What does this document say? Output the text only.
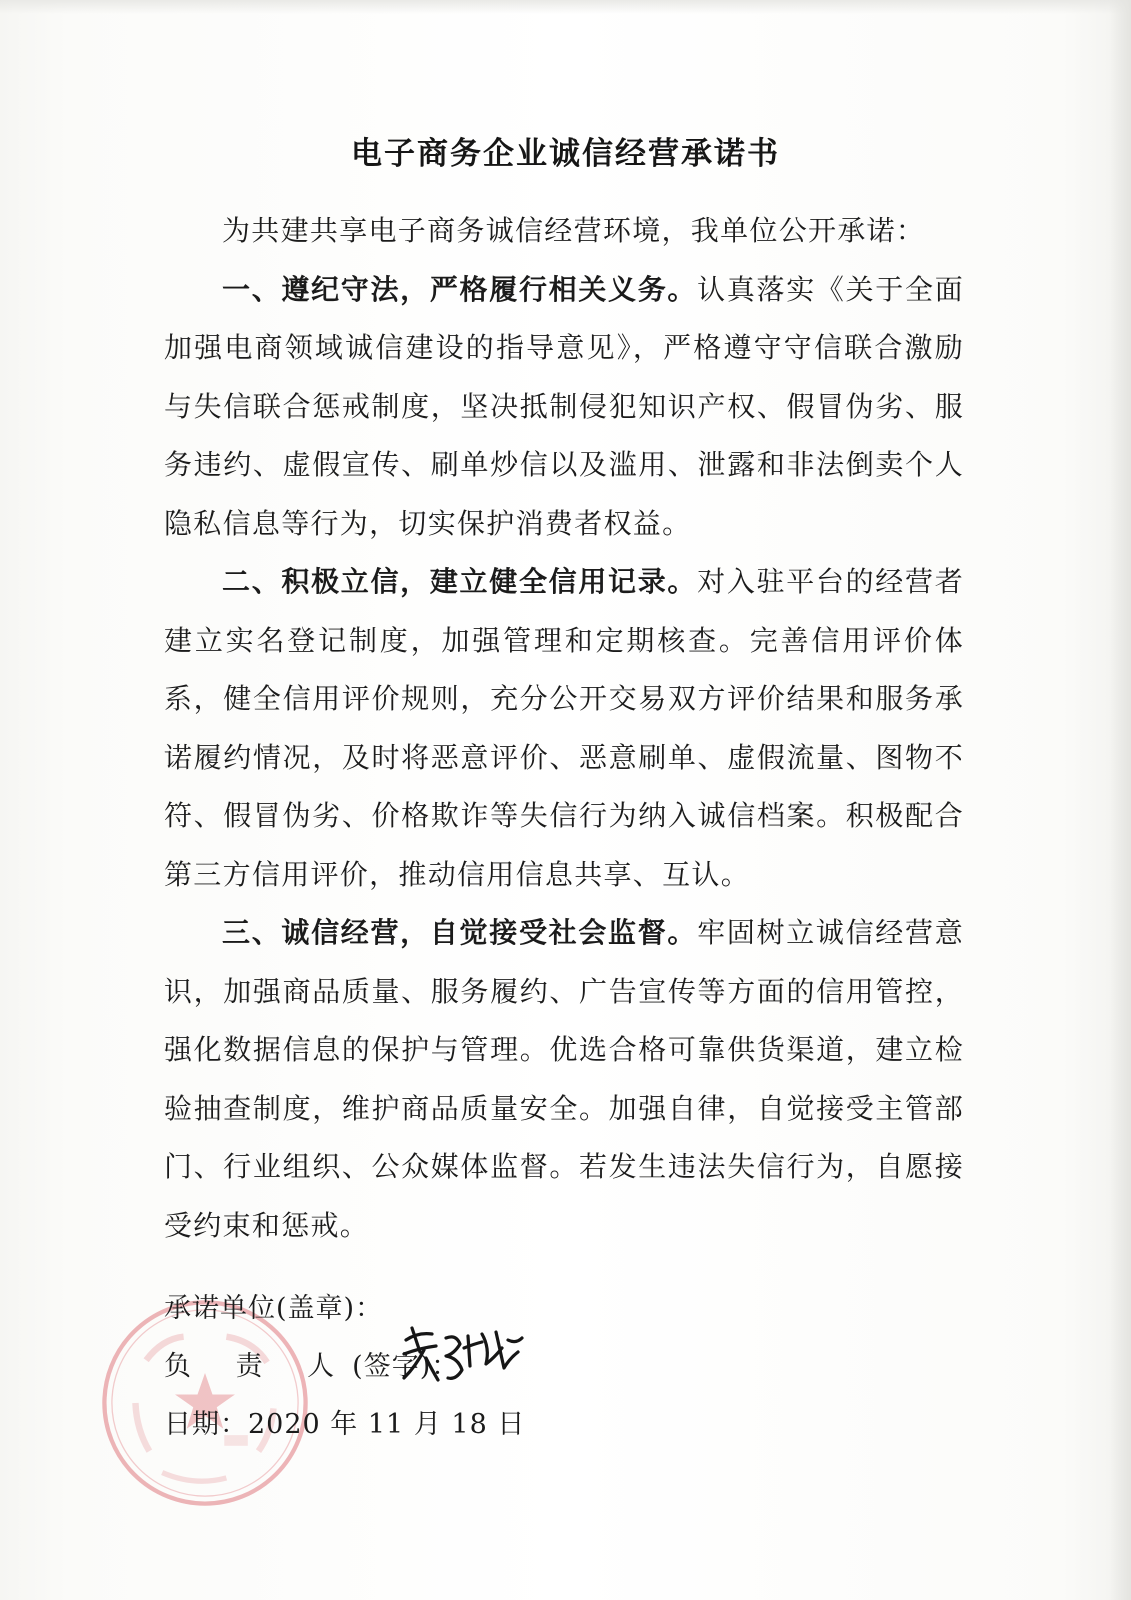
电子商务企业诚信经营承诺书

为共建共享电子商务诚信经营环境，我单位公开承诺：

一、遵纪守法，严格履行相关义务。认真落实《关于全面加强电商领域诚信建设的指导意见》，严格遵守守信联合激励与失信联合惩戒制度，坚决抵制侵犯知识产权、假冒伪劣、服务违约、虚假宣传、刷单炒信以及滥用、泄露和非法倒卖个人隐私信息等行为，切实保护消费者权益。

二、积极立信，建立健全信用记录。对入驻平台的经营者建立实名登记制度，加强管理和定期核查。完善信用评价体系，健全信用评价规则，充分公开交易双方评价结果和服务承诺履约情况，及时将恶意评价、恶意刷单、虚假流量、图物不符、假冒伪劣、价格欺诈等失信行为纳入诚信档案。积极配合第三方信用评价，推动信用信息共享、互认。

三、诚信经营，自觉接受社会监督。牢固树立诚信经营意识，加强商品质量、服务履约、广告宣传等方面的信用管控，强化数据信息的保护与管理。优选合格可靠供货渠道，建立检验抽查制度，维护商品质量安全。加强自律，自觉接受主管部门、行业组织、公众媒体监督。若发生违法失信行为，自愿接受约束和惩戒。

承诺单位(盖章)：
负 责 人(签字)：
日期：2020 年 11 月 18 日
